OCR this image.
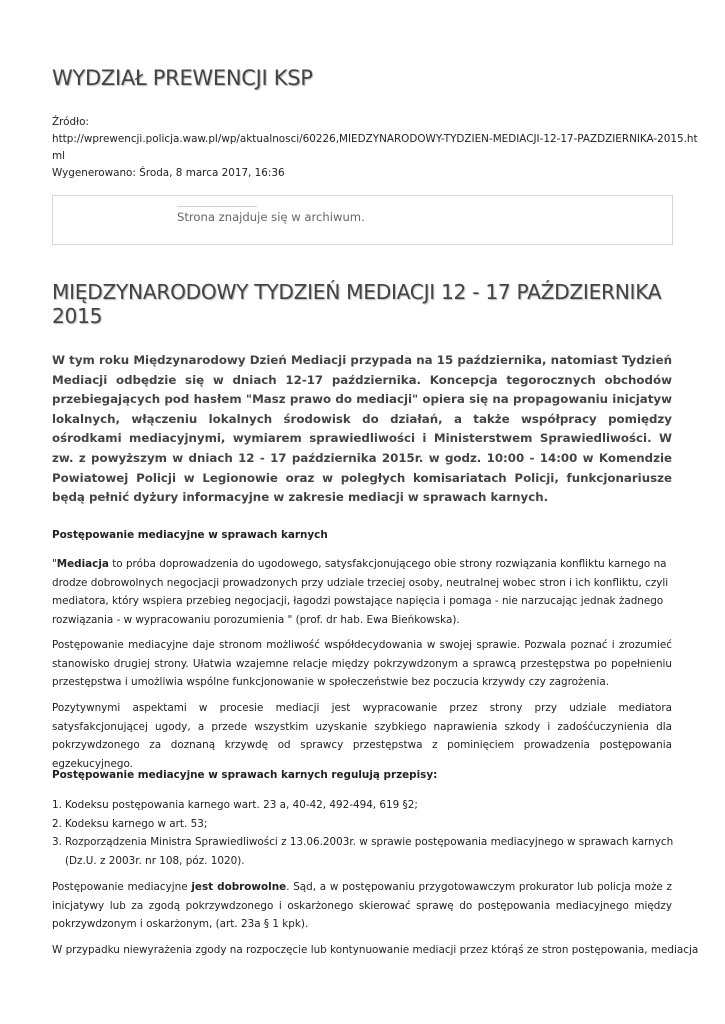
WYDZIAŁ PREWENCJI KSP
Źródło:
http://wprewencji.policja.waw.pl/wp/aktualnosci/60226,MIEDZYNARODOWY-TYDZIEN-MEDIACJI-12-17-PAZDZIERNIKA-2015.ht
ml
Wygenerowano: Środa, 8 marca 2017, 16:36
Strona znajduje się w archiwum.
MIĘDZYNARODOWY TYDZIEŃ MEDIACJI 12 - 17 PAŹDZIERNIKA 2015

W tym roku Międzynarodowy Dzień Mediacji przypada na 15 października, natomiast Tydzień Mediacji odbędzie się w dniach 12-17 października. Koncepcja tegorocznych obchodów przebiegających pod hasłem "Masz prawo do mediacji" opiera się na propagowaniu inicjatyw lokalnych, włączeniu lokalnych środowisk do działań, a także współpracy pomiędzy ośrodkami mediacyjnymi, wymiarem sprawiedliwości i Ministerstwem Sprawiedliwości. W zw. z powyższym w dniach 12 - 17 października 2015r. w godz. 10:00 - 14:00 w Komendzie Powiatowej Policji w Legionowie oraz w poległych komisariatach Policji, funkcjonariusze będą pełnić dyżury informacyjne w zakresie mediacji w sprawach karnych.

Postępowanie mediacyjne w sprawach karnych

"Mediacja to próba doprowadzenia do ugodowego, satysfakcjonującego obie strony rozwiązania konfliktu karnego na
drodze dobrowolnych negocjacji prowadzonych przy udziale trzeciej osoby, neutralnej wobec stron i ich konfliktu, czyli
mediatora, który wspiera przebieg negocjacji, łagodzi powstające napięcia i pomaga - nie narzucając jednak żadnego
rozwiązania - w wypracowaniu porozumienia " (prof. dr hab. Ewa Bieńkowska).

Postępowanie mediacyjne daje stronom możliwość współdecydowania w swojej sprawie. Pozwala poznać i zrozumieć stanowisko drugiej strony. Ułatwia wzajemne relacje między pokrzywdzonym a sprawcą przestępstwa po popełnieniu przestępstwa i umożliwia wspólne funkcjonowanie w społeczeństwie bez poczucia krzywdy czy zagrożenia.

Pozytywnymi aspektami w procesie mediacji jest wypracowanie przez strony przy udziale mediatora satysfakcjonującej ugody, a przede wszystkim uzyskanie szybkiego naprawienia szkody i zadośćuczynienia dla pokrzywdzonego za doznaną krzywdę od sprawcy przestępstwa z pominięciem prowadzenia postępowania egzekucyjnego.

Postępowanie mediacyjne w sprawach karnych regulują przepisy:

1. Kodeksu postępowania karnego wart. 23 a, 40-42, 492-494, 619 §2;
2. Kodeksu karnego w art. 53;
3. Rozporządzenia Ministra Sprawiedliwości z 13.06.2003r. w sprawie postępowania mediacyjnego w sprawach karnych
(Dz.U. z 2003r. nr 108, póz. 1020).

Postępowanie mediacyjne jest dobrowolne. Sąd, a w postępowaniu przygotowawczym prokurator lub policja może z inicjatywy lub za zgodą pokrzywdzonego i oskarżonego skierować sprawę do postępowania mediacyjnego między pokrzywdzonym i oskarżonym, (art. 23a § 1 kpk).

W przypadku niewyrażenia zgody na rozpoczęcie lub kontynuowanie mediacji przez którąś ze stron postępowania, mediacja
